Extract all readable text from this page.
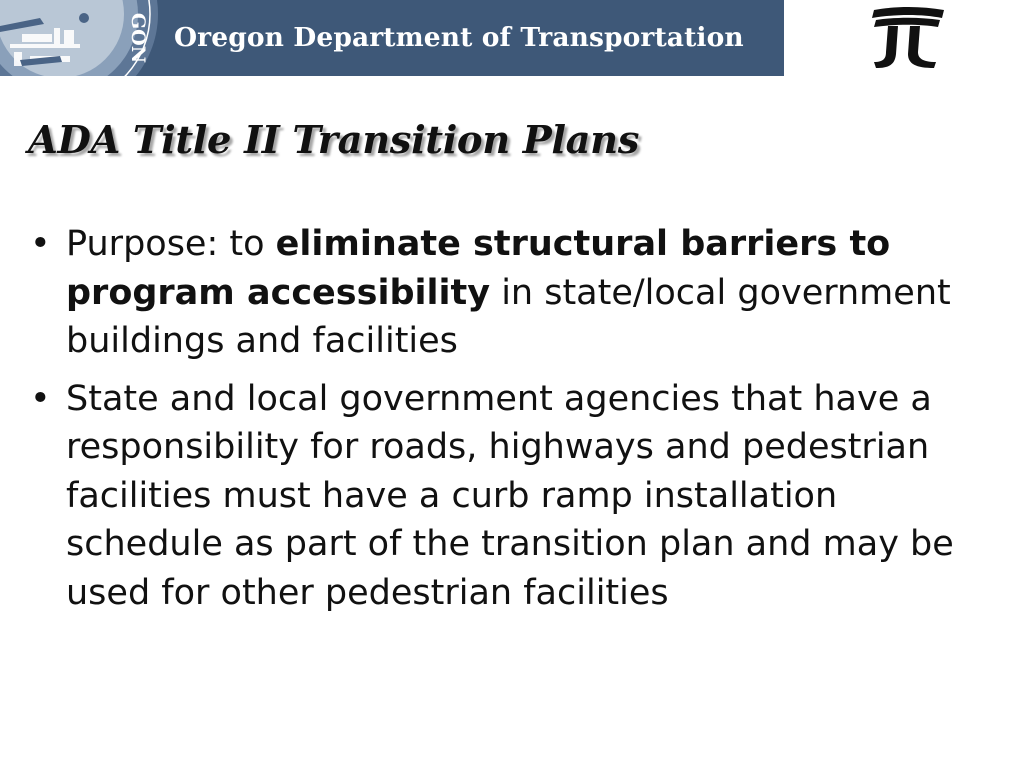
GON Oregon Department of Transportation
ADA Title II Transition Plans
• Purpose: to eliminate structural barriers to program accessibility in state/local government buildings and facilities
• State and local government agencies that have a responsibility for roads, highways and pedestrian facilities must have a curb ramp installation schedule as part of the transition plan and may be used for other pedestrian facilities
